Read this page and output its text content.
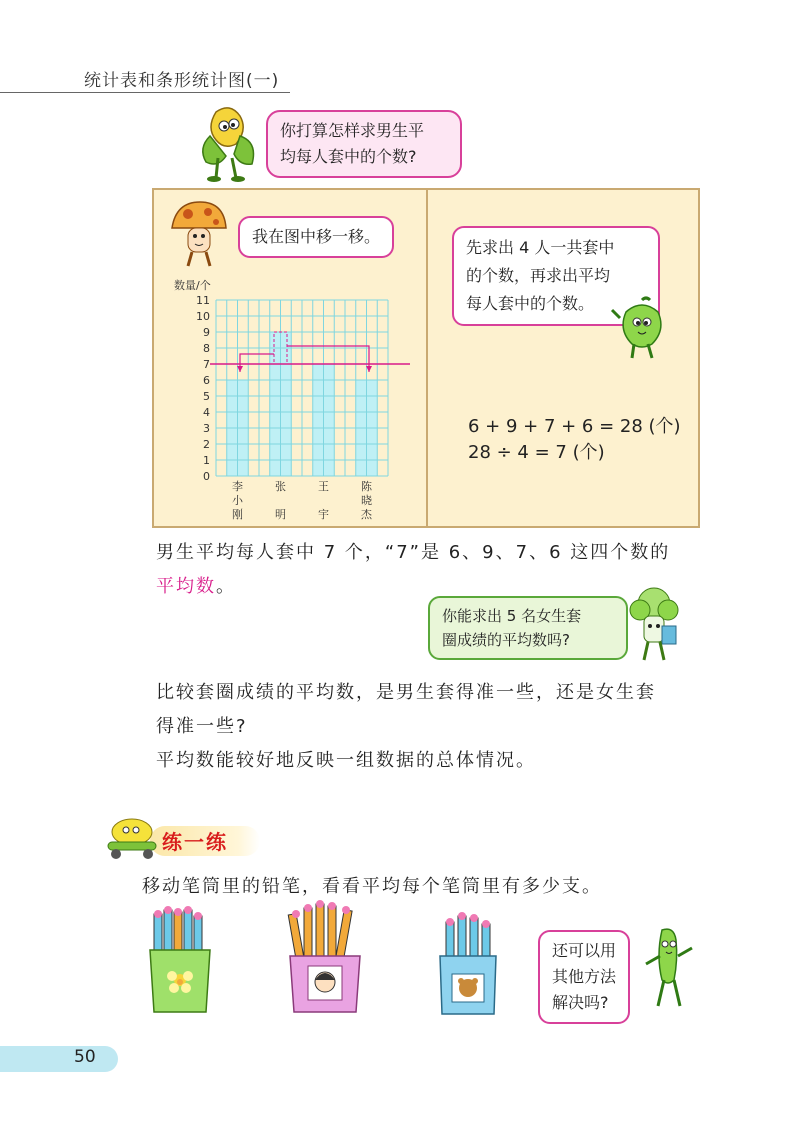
统计表和条形统计图(一)
你打算怎样求男生平
均每人套中的个数?
我在图中移一移。
数量/个
0
1
2
3
4
5
6
7
8
9
10
11
李
小
刚
张
明
王
宇
陈
晓
杰
先求出 4 人一共套中
的个数，再求出平均
每人套中的个数。
6 + 9 + 7 + 6 = 28 (个)
28 ÷ 4 = 7 (个)
男生平均每人套中 7 个，“7”是 6、9、7、6 这四个数的
平均数。
你能求出 5 名女生套
圈成绩的平均数吗?
比较套圈成绩的平均数，是男生套得准一些，还是女生套
得准一些?
平均数能较好地反映一组数据的总体情况。
练一练
移动笔筒里的铅笔，看看平均每个笔筒里有多少支。
还可以用
其他方法
解决吗?
50
